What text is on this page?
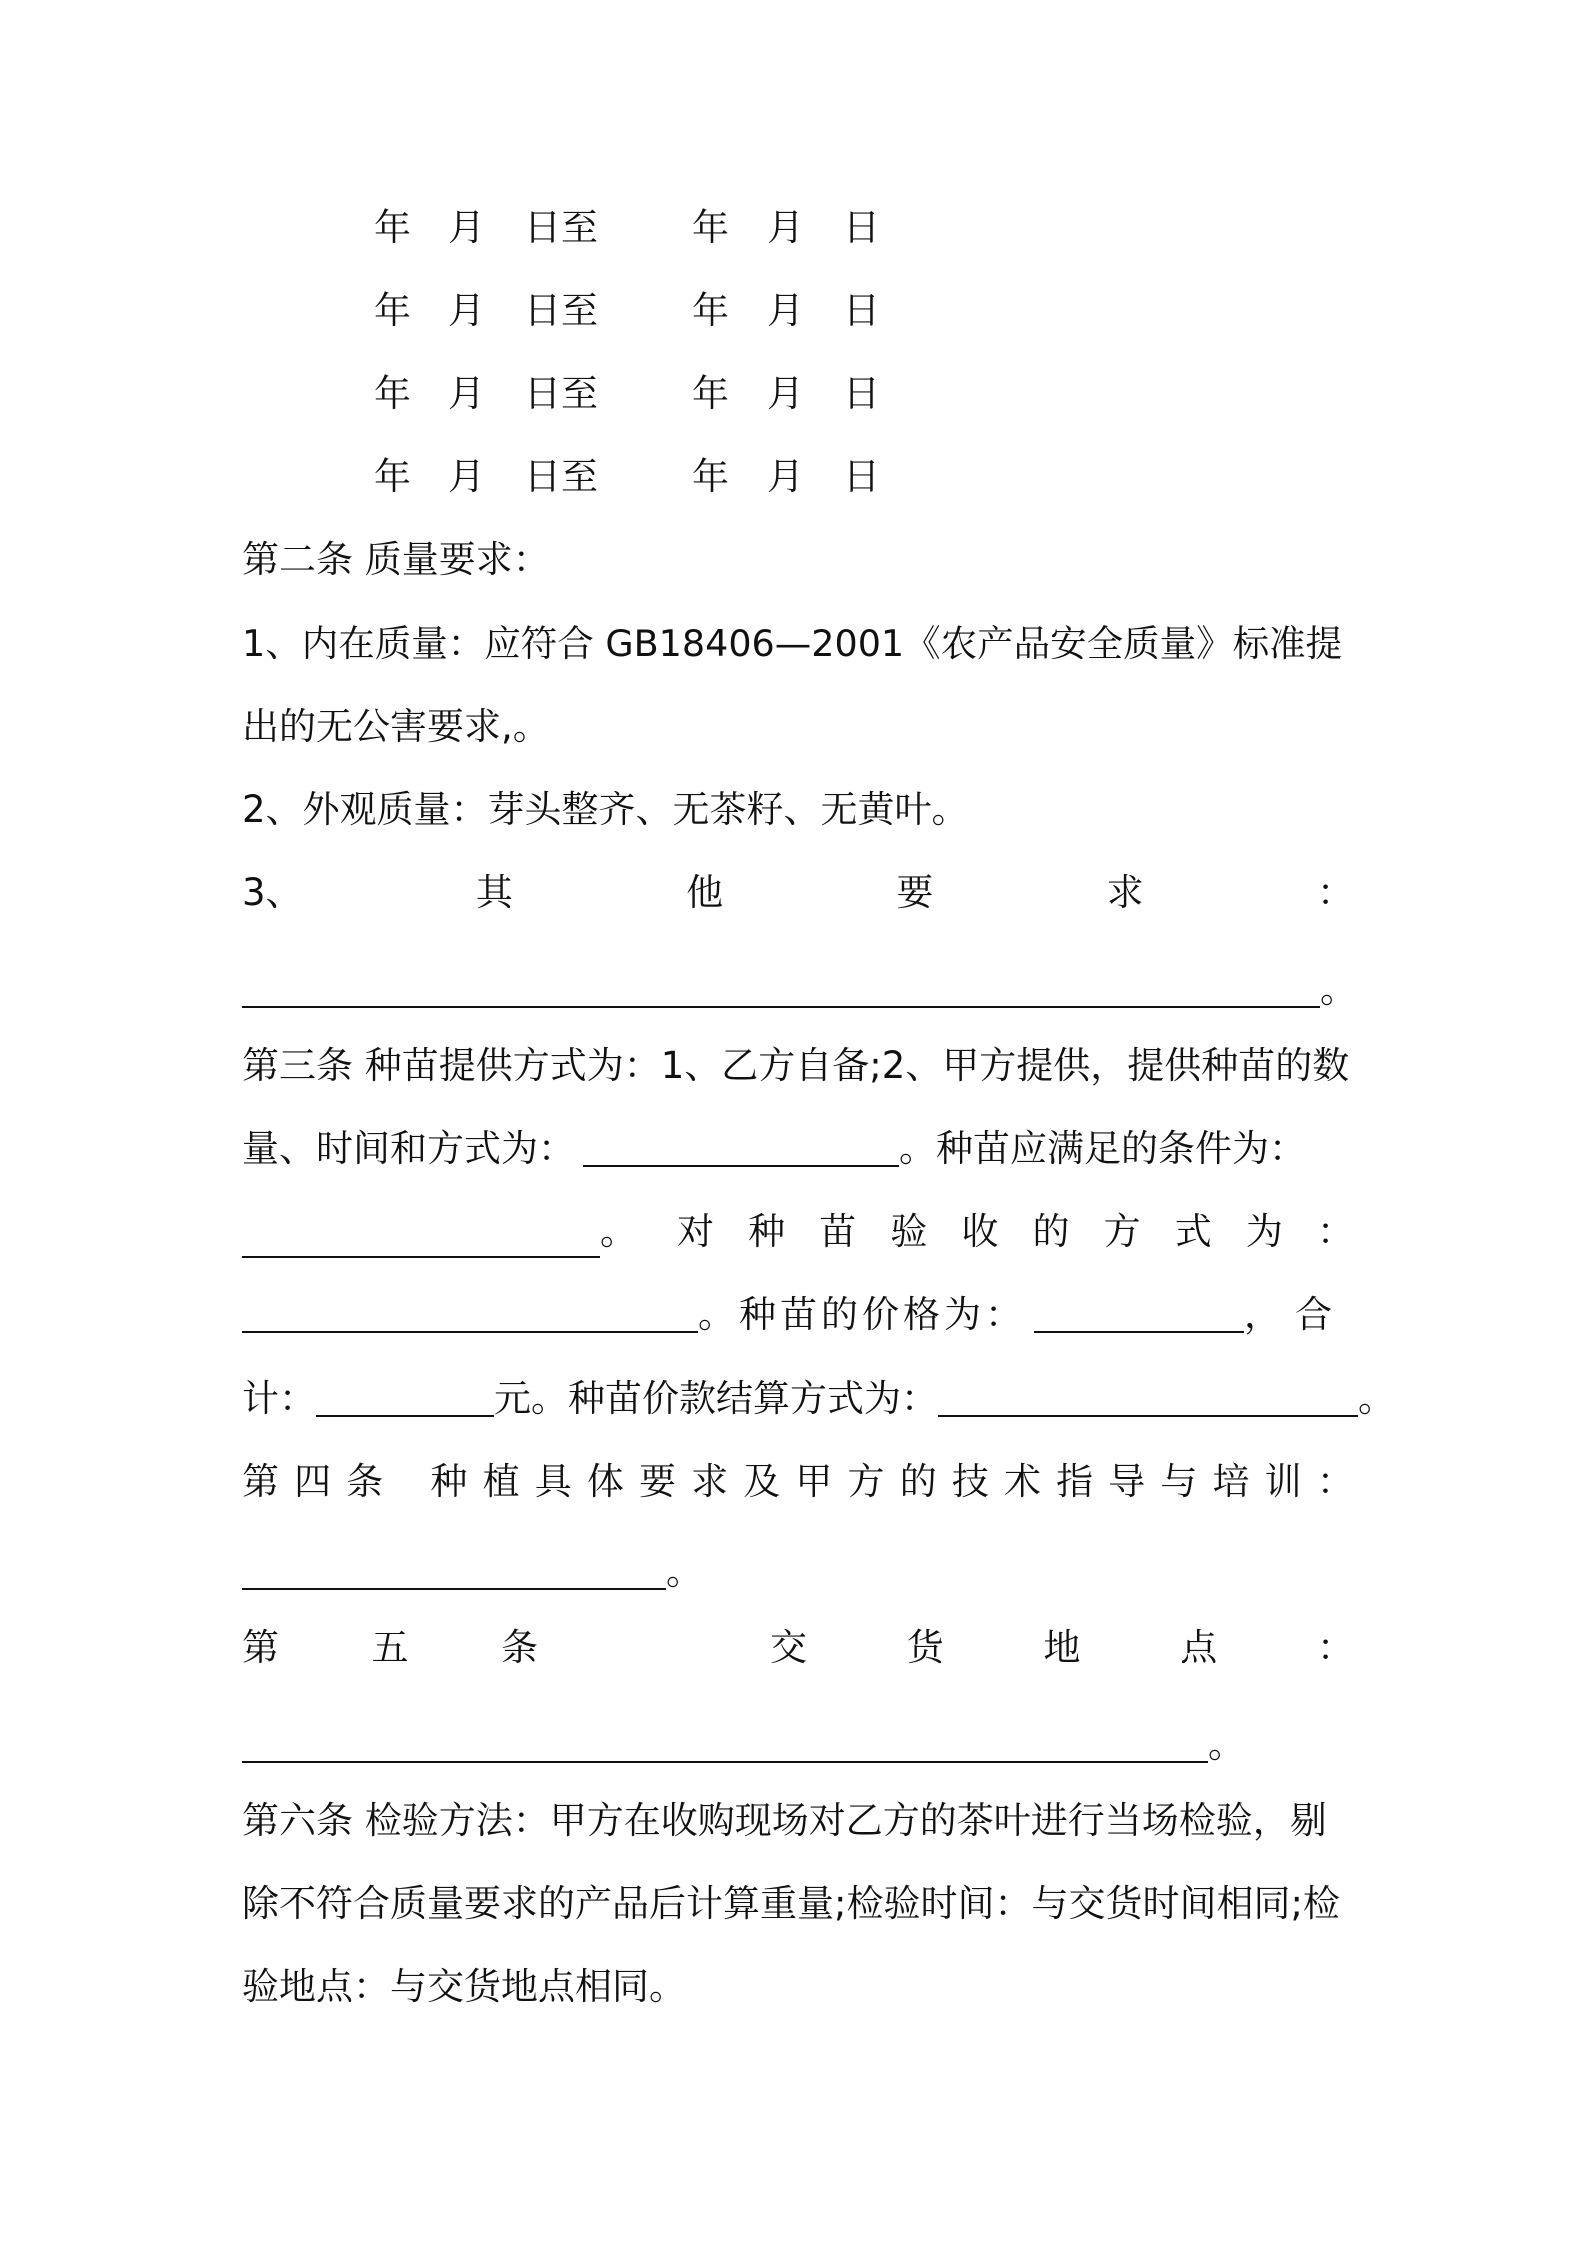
年 月 日至	年 月 日
年 月 日至	年 月 日
年 月 日至	年 月 日
年 月 日至	年 月 日
第二条 质量要求：
1、内在质量：应符合 GB18406—2001《农产品安全质量》标准提
出的无公害要求,。
2、外观质量：芽头整齐、无茶籽、无黄叶。
3、	其	他	要	求	：
。
第三条 种苗提供方式为：1、乙方自备;2、甲方提供，提供种苗的数
量、时间和方式为：	。种苗应满足的条件为：
。 对 种 苗 验 收 的 方 式 为 ：
。种苗的价格为：	，合
计：	元。种苗价款结算方式为：	。
第 四 条 种 植 具 体 要 求 及 甲 方 的 技 术 指 导 与 培 训 ：
。
第	五	条	交	货	地	点	：
。
第六条 检验方法：甲方在收购现场对乙方的茶叶进行当场检验，剔
除不符合质量要求的产品后计算重量;检验时间：与交货时间相同;检
验地点：与交货地点相同。
